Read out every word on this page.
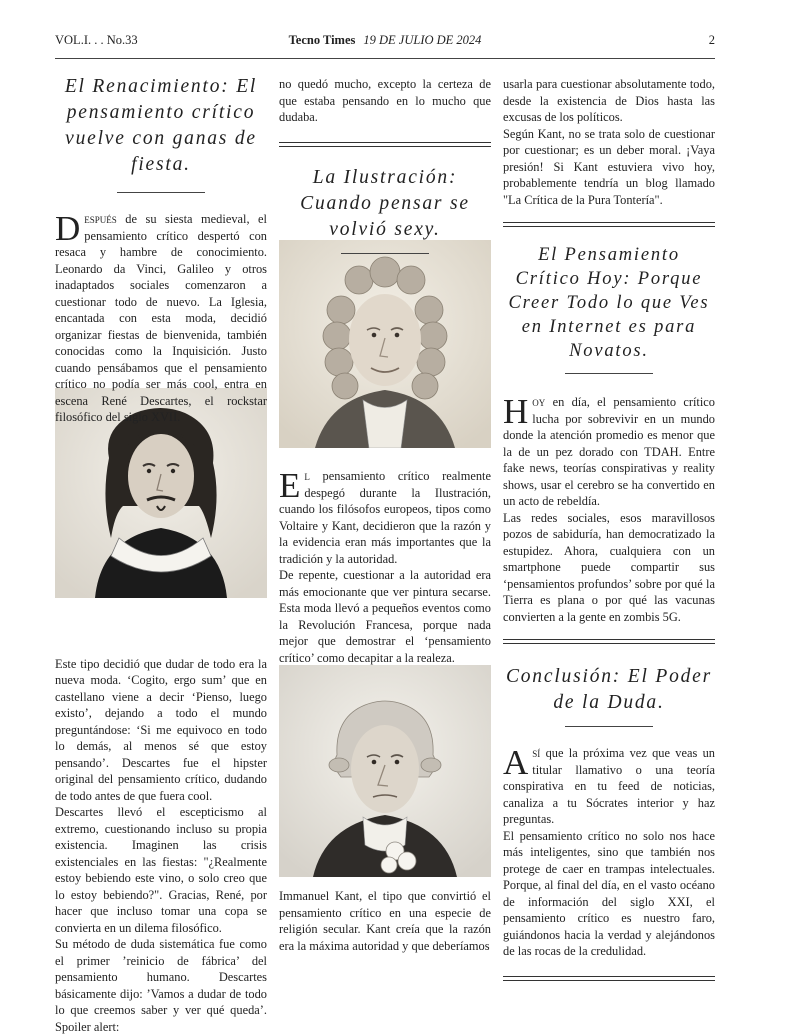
VOL.I. . . No.33	Tecno Times 19 DE JULIO DE 2024	2
El Renacimiento: El pensamiento crítico vuelve con ganas de fiesta.

Después de su siesta medieval, el pensamiento crítico despertó con resaca y hambre de conocimiento. Leonardo da Vinci, Galileo y otros inadaptados sociales comenzaron a cuestionar todo de nuevo. La Iglesia, encantada con esta moda, decidió organizar fiestas de bienvenida, también conocidas como la Inquisición. Justo cuando pensábamos que el pensamiento crítico no podía ser más cool, entra en escena René Descartes, el rockstar filosófico del siglo XVII.

Este tipo decidió que dudar de todo era la nueva moda. ‘Cogito, ergo sum’ que en castellano viene a decir ‘Pienso, luego existo’, dejando a todo el mundo preguntándose: ‘Si me equivoco en todo lo demás, al menos sé que estoy pensando’. Descartes fue el hipster original del pensamiento crítico, dudando de todo antes de que fuera cool.

Descartes llevó el escepticismo al extremo, cuestionando incluso su propia existencia. Imaginen las crisis existenciales en las fiestas: "¿Realmente estoy bebiendo este vino, o solo creo que lo estoy bebiendo?". Gracias, René, por hacer que incluso tomar una copa se convierta en un dilema filosófico.

Su método de duda sistemática fue como el primer ’reinicio de fábrica’ del pensamiento humano. Descartes básicamente dijo: ’Vamos a dudar de todo lo que creemos saber y ver qué queda’. Spoiler alert:

no quedó mucho, excepto la certeza de que estaba pensando en lo mucho que dudaba.

La Ilustración: Cuando pensar se volvió sexy.

El pensamiento crítico realmente despegó durante la Ilustración, cuando los filósofos europeos, tipos como Voltaire y Kant, decidieron que la razón y la evidencia eran más importantes que la tradición y la autoridad.

De repente, cuestionar a la autoridad era más emocionante que ver pintura secarse. Esta moda llevó a pequeños eventos como la Revolución Francesa, porque nada mejor que demostrar el ‘pensamiento crítico’ como decapitar a la realeza.

Immanuel Kant, el tipo que convirtió el pensamiento crítico en una especie de religión secular. Kant creía que la razón era la máxima autoridad y que deberíamos

usarla para cuestionar absolutamente todo, desde la existencia de Dios hasta las excusas de los políticos.

Según Kant, no se trata solo de cuestionar por cuestionar; es un deber moral. ¡Vaya presión! Si Kant estuviera vivo hoy, probablemente tendría un blog llamado "La Crítica de la Pura Tontería".

El Pensamiento Crítico Hoy: Porque Creer Todo lo que Ves en Internet es para Novatos.

Hoy en día, el pensamiento crítico lucha por sobrevivir en un mundo donde la atención promedio es menor que la de un pez dorado con TDAH. Entre fake news, teorías conspirativas y reality shows, usar el cerebro se ha convertido en un acto de rebeldía.

Las redes sociales, esos maravillosos pozos de sabiduría, han democratizado la estupidez. Ahora, cualquiera con un smartphone puede compartir sus ‘pensamientos profundos’ sobre por qué la Tierra es plana o por qué las vacunas convierten a la gente en zombis 5G.

Conclusión: El Poder de la Duda.

Así que la próxima vez que veas un titular llamativo o una teoría conspirativa en tu feed de noticias, canaliza a tu Sócrates interior y haz preguntas.

El pensamiento crítico no solo nos hace más inteligentes, sino que también nos protege de caer en trampas intelectuales. Porque, al final del día, en el vasto océano de información del siglo XXI, el pensamiento crítico es nuestro faro, guiándonos hacia la verdad y alejándonos de las rocas de la credulidad.
